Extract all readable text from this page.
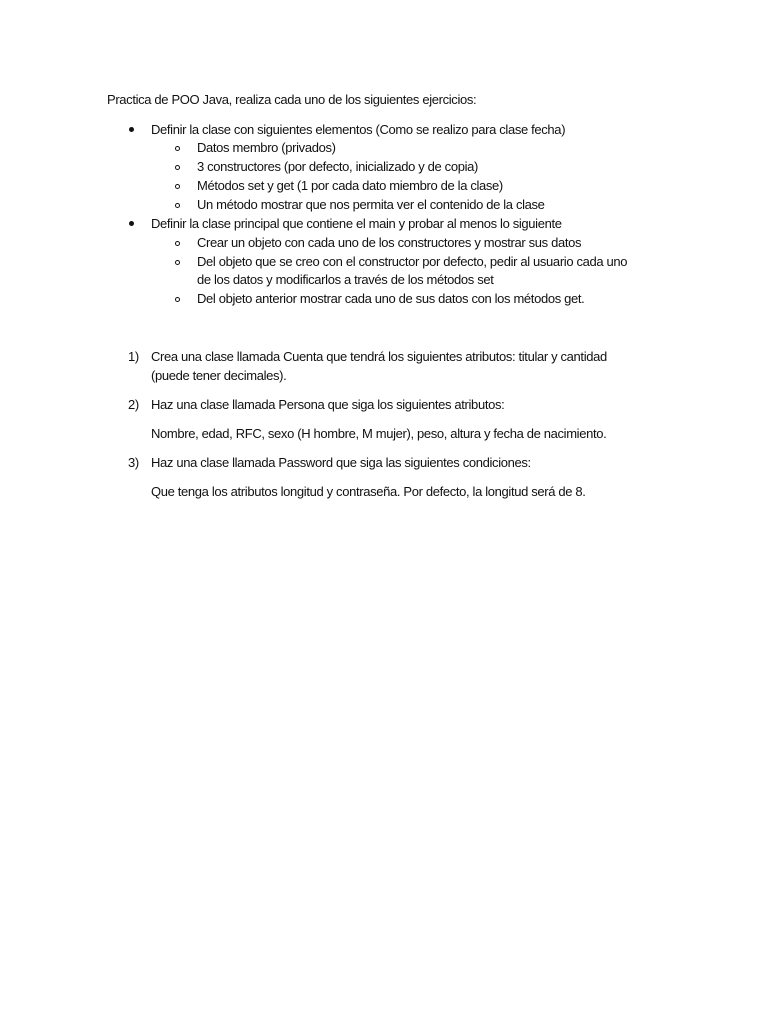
Practica de POO Java, realiza cada uno de los siguientes ejercicios:
Definir la clase con siguientes elementos (Como se realizo para clase fecha)
Datos membro (privados)
3 constructores (por defecto, inicializado y de copia)
Métodos set y get (1 por cada dato miembro de la clase)
Un método mostrar que nos permita ver el contenido de la clase
Definir la clase principal que contiene el main y probar al menos lo siguiente
Crear un objeto con cada uno de los constructores y mostrar sus datos
Del objeto que se creo con el constructor por defecto, pedir al usuario cada uno
de los datos y modificarlos a través de los métodos set
Del objeto anterior mostrar cada uno de sus datos con los métodos get.
1) Crea una clase llamada Cuenta que tendrá los siguientes atributos: titular y cantidad
(puede tener decimales).
2) Haz una clase llamada Persona que siga los siguientes atributos:
Nombre, edad, RFC, sexo (H hombre, M mujer), peso, altura y fecha de nacimiento.
3) Haz una clase llamada Password que siga las siguientes condiciones:
Que tenga los atributos longitud y contraseña. Por defecto, la longitud será de 8.
